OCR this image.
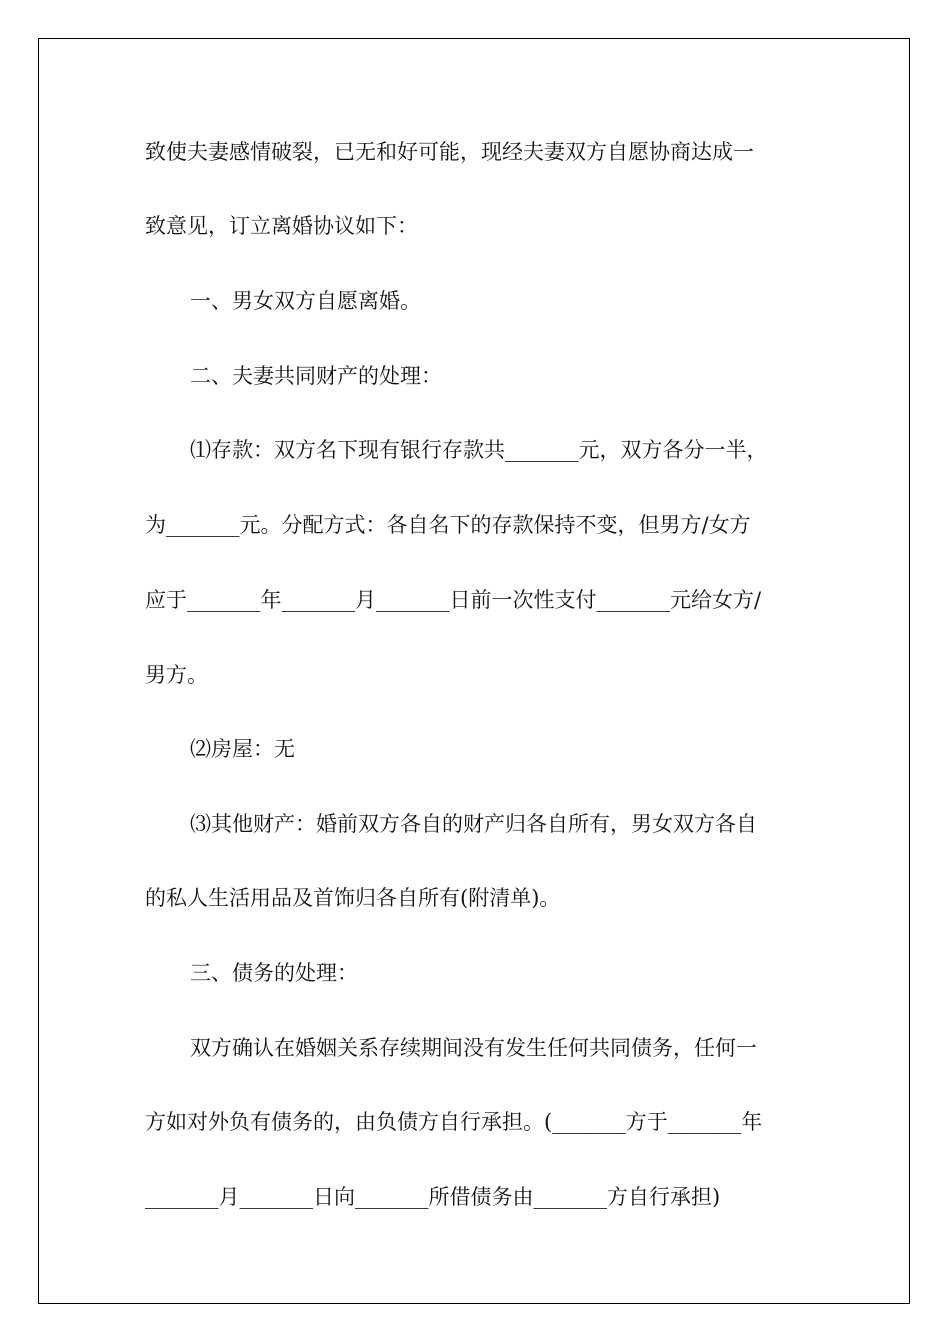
致使夫妻感情破裂，已无和好可能，现经夫妻双方自愿协商达成一
致意见，订立离婚协议如下：
一、男女双方自愿离婚。
二、夫妻共同财产的处理：
⑴存款：双方名下现有银行存款共_______元，双方各分一半，
为_______元。分配方式：各自名下的存款保持不变，但男方/女方
应于_______年_______月_______日前一次性支付_______元给女方/
男方。
⑵房屋：无
⑶其他财产：婚前双方各自的财产归各自所有，男女双方各自
的私人生活用品及首饰归各自所有(附清单)。
三、债务的处理：
双方确认在婚姻关系存续期间没有发生任何共同债务，任何一
方如对外负有债务的，由负债方自行承担。(_______方于_______年
_______月_______日向_______所借债务由_______方自行承担)
